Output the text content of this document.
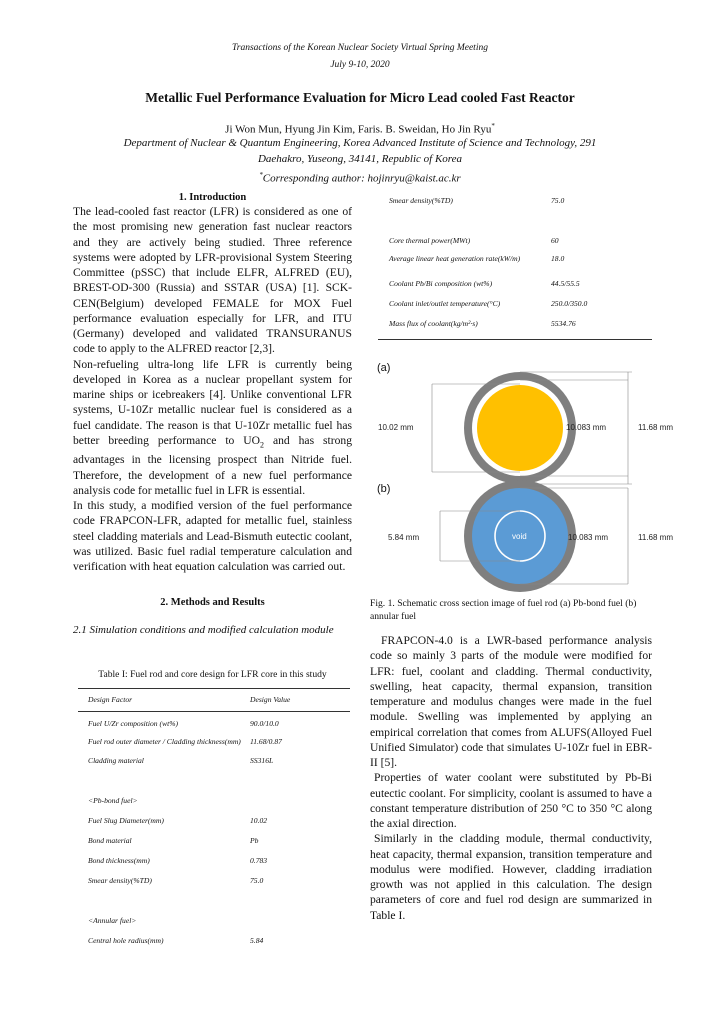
Transactions of the Korean Nuclear Society Virtual Spring Meeting
July 9-10, 2020
Metallic Fuel Performance Evaluation for Micro Lead cooled Fast Reactor
Ji Won Mun, Hyung Jin Kim, Faris. B. Sweidan, Ho Jin Ryu*
Department of Nuclear & Quantum Engineering, Korea Advanced Institute of Science and Technology, 291
Daehakro, Yuseong, 34141, Republic of Korea
*Corresponding author: hojinryu@kaist.ac.kr
1. Introduction

The lead-cooled fast reactor (LFR) is considered as one of the most promising new generation fast nuclear reactors and they are actively being studied. Three reference systems were adopted by LFR-provisional System Steering Committee (pSSC) that include ELFR, ALFRED (EU), BREST-OD-300 (Russia) and SSTAR (USA) [1]. SCK-CEN(Belgium) developed FEMALE for MOX Fuel performance evaluation especially for LFR, and ITU (Germany) developed and validated TRANSURANUS code to apply to the ALFRED reactor [2,3].

Non-refueling ultra-long life LFR is currently being developed in Korea as a nuclear propellant system for marine ships or icebreakers [4]. Unlike conventional LFR systems, U-10Zr metallic nuclear fuel is considered as a fuel candidate. The reason is that U-10Zr metallic fuel has better breeding performance to $UO_2$ and has strong advantages in the licensing prospect than Nitride fuel. Therefore, the development of a new fuel performance analysis code for metallic fuel in LFR is essential.

In this study, a modified version of the fuel performance code FRAPCON-LFR, adapted for metallic fuel, stainless steel cladding materials and Lead-Bismuth eutectic coolant, was utilized. Basic fuel radial temperature calculation and verification with heat equation calculation was carried out.

2. Methods and Results
2.1 Simulation conditions and modified calculation module
Table I: Fuel rod and core design for LFR core in this study
Design Factor	Design Value
Fuel U/Zr composition (wt%)	90.0/10.0
Fuel rod outer diameter / Cladding thickness(mm)	11.68/0.87
Cladding material	SS316L

<Pb-bond fuel>	
Fuel Slug Diameter(mm)	10.02
Bond material	Pb
Bond thickness(mm)	0.783
Smear density(%TD)	75.0

<Annular fuel>	
Central hole radius(mm)	5.84
Smear density(%TD)	75.0

Core thermal power(MWt)	60
Average linear heat generation rate(kW/m)	18.0

Coolant Pb/Bi composition (wt%)	44.5/55.5
Coolant inlet/outlet temperature(°C)	250.0/350.0
Mass flux of coolant(kg/m²·s)	5534.76
(a)
(b)
10.02 mm	10.083 mm	11.68 mm
void
5.84 mm	10.083 mm	11.68 mm
Fig. 1. Schematic cross section image of fuel rod (a) Pb-bond fuel (b) annular fuel

FRAPCON-4.0 is a LWR-based performance analysis code so mainly 3 parts of the module were modified for LFR: fuel, coolant and cladding. Thermal conductivity, swelling, heat capacity, thermal expansion, transition temperature and modulus changes were made in the fuel module. Swelling was implemented by applying an empirical correlation that comes from ALUFS(Alloyed Fuel Unified Simulator) code that simulates U-10Zr fuel in EBR-II [5].

Properties of water coolant were substituted by Pb-Bi eutectic coolant. For simplicity, coolant is assumed to have a constant temperature distribution of 250 °C to 350 °C along the axial direction.

Similarly in the cladding module, thermal conductivity, heat capacity, thermal expansion, transition temperature and modulus were modified. However, cladding irradiation growth was not applied in this calculation. The design parameters of core and fuel rod design are summarized in Table I.
